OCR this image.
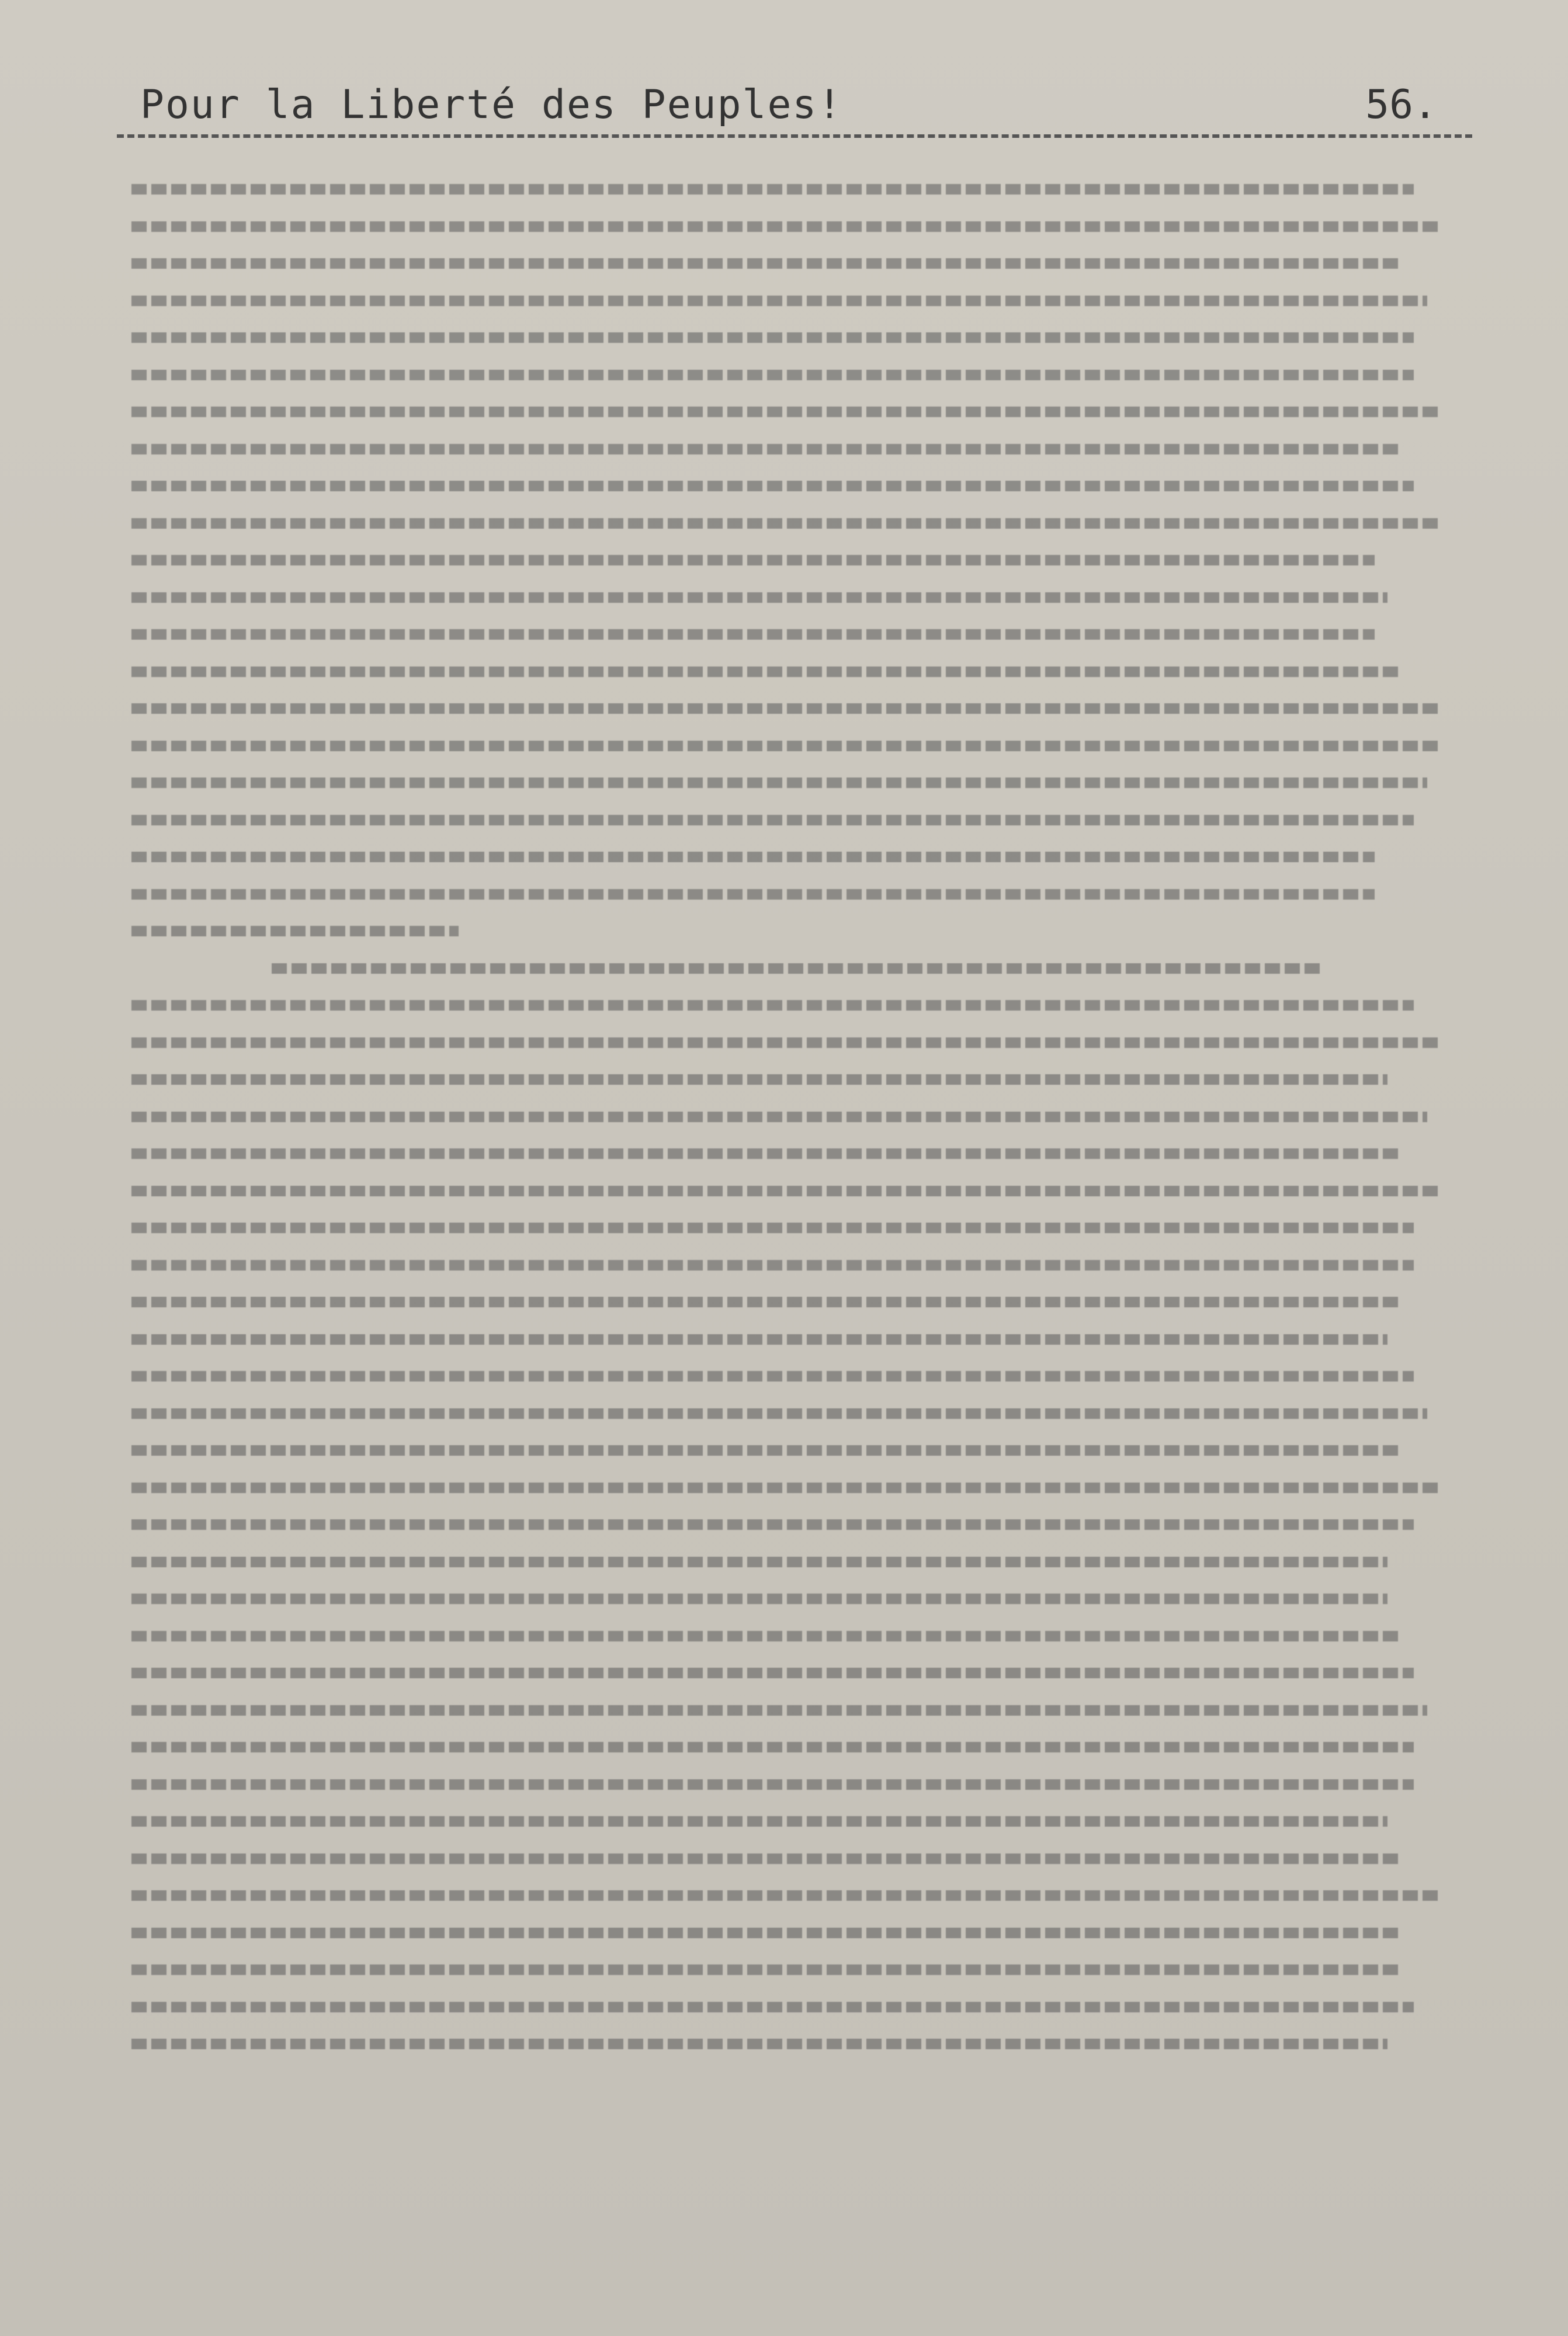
Pour la Liberté des Peuples!	56.
